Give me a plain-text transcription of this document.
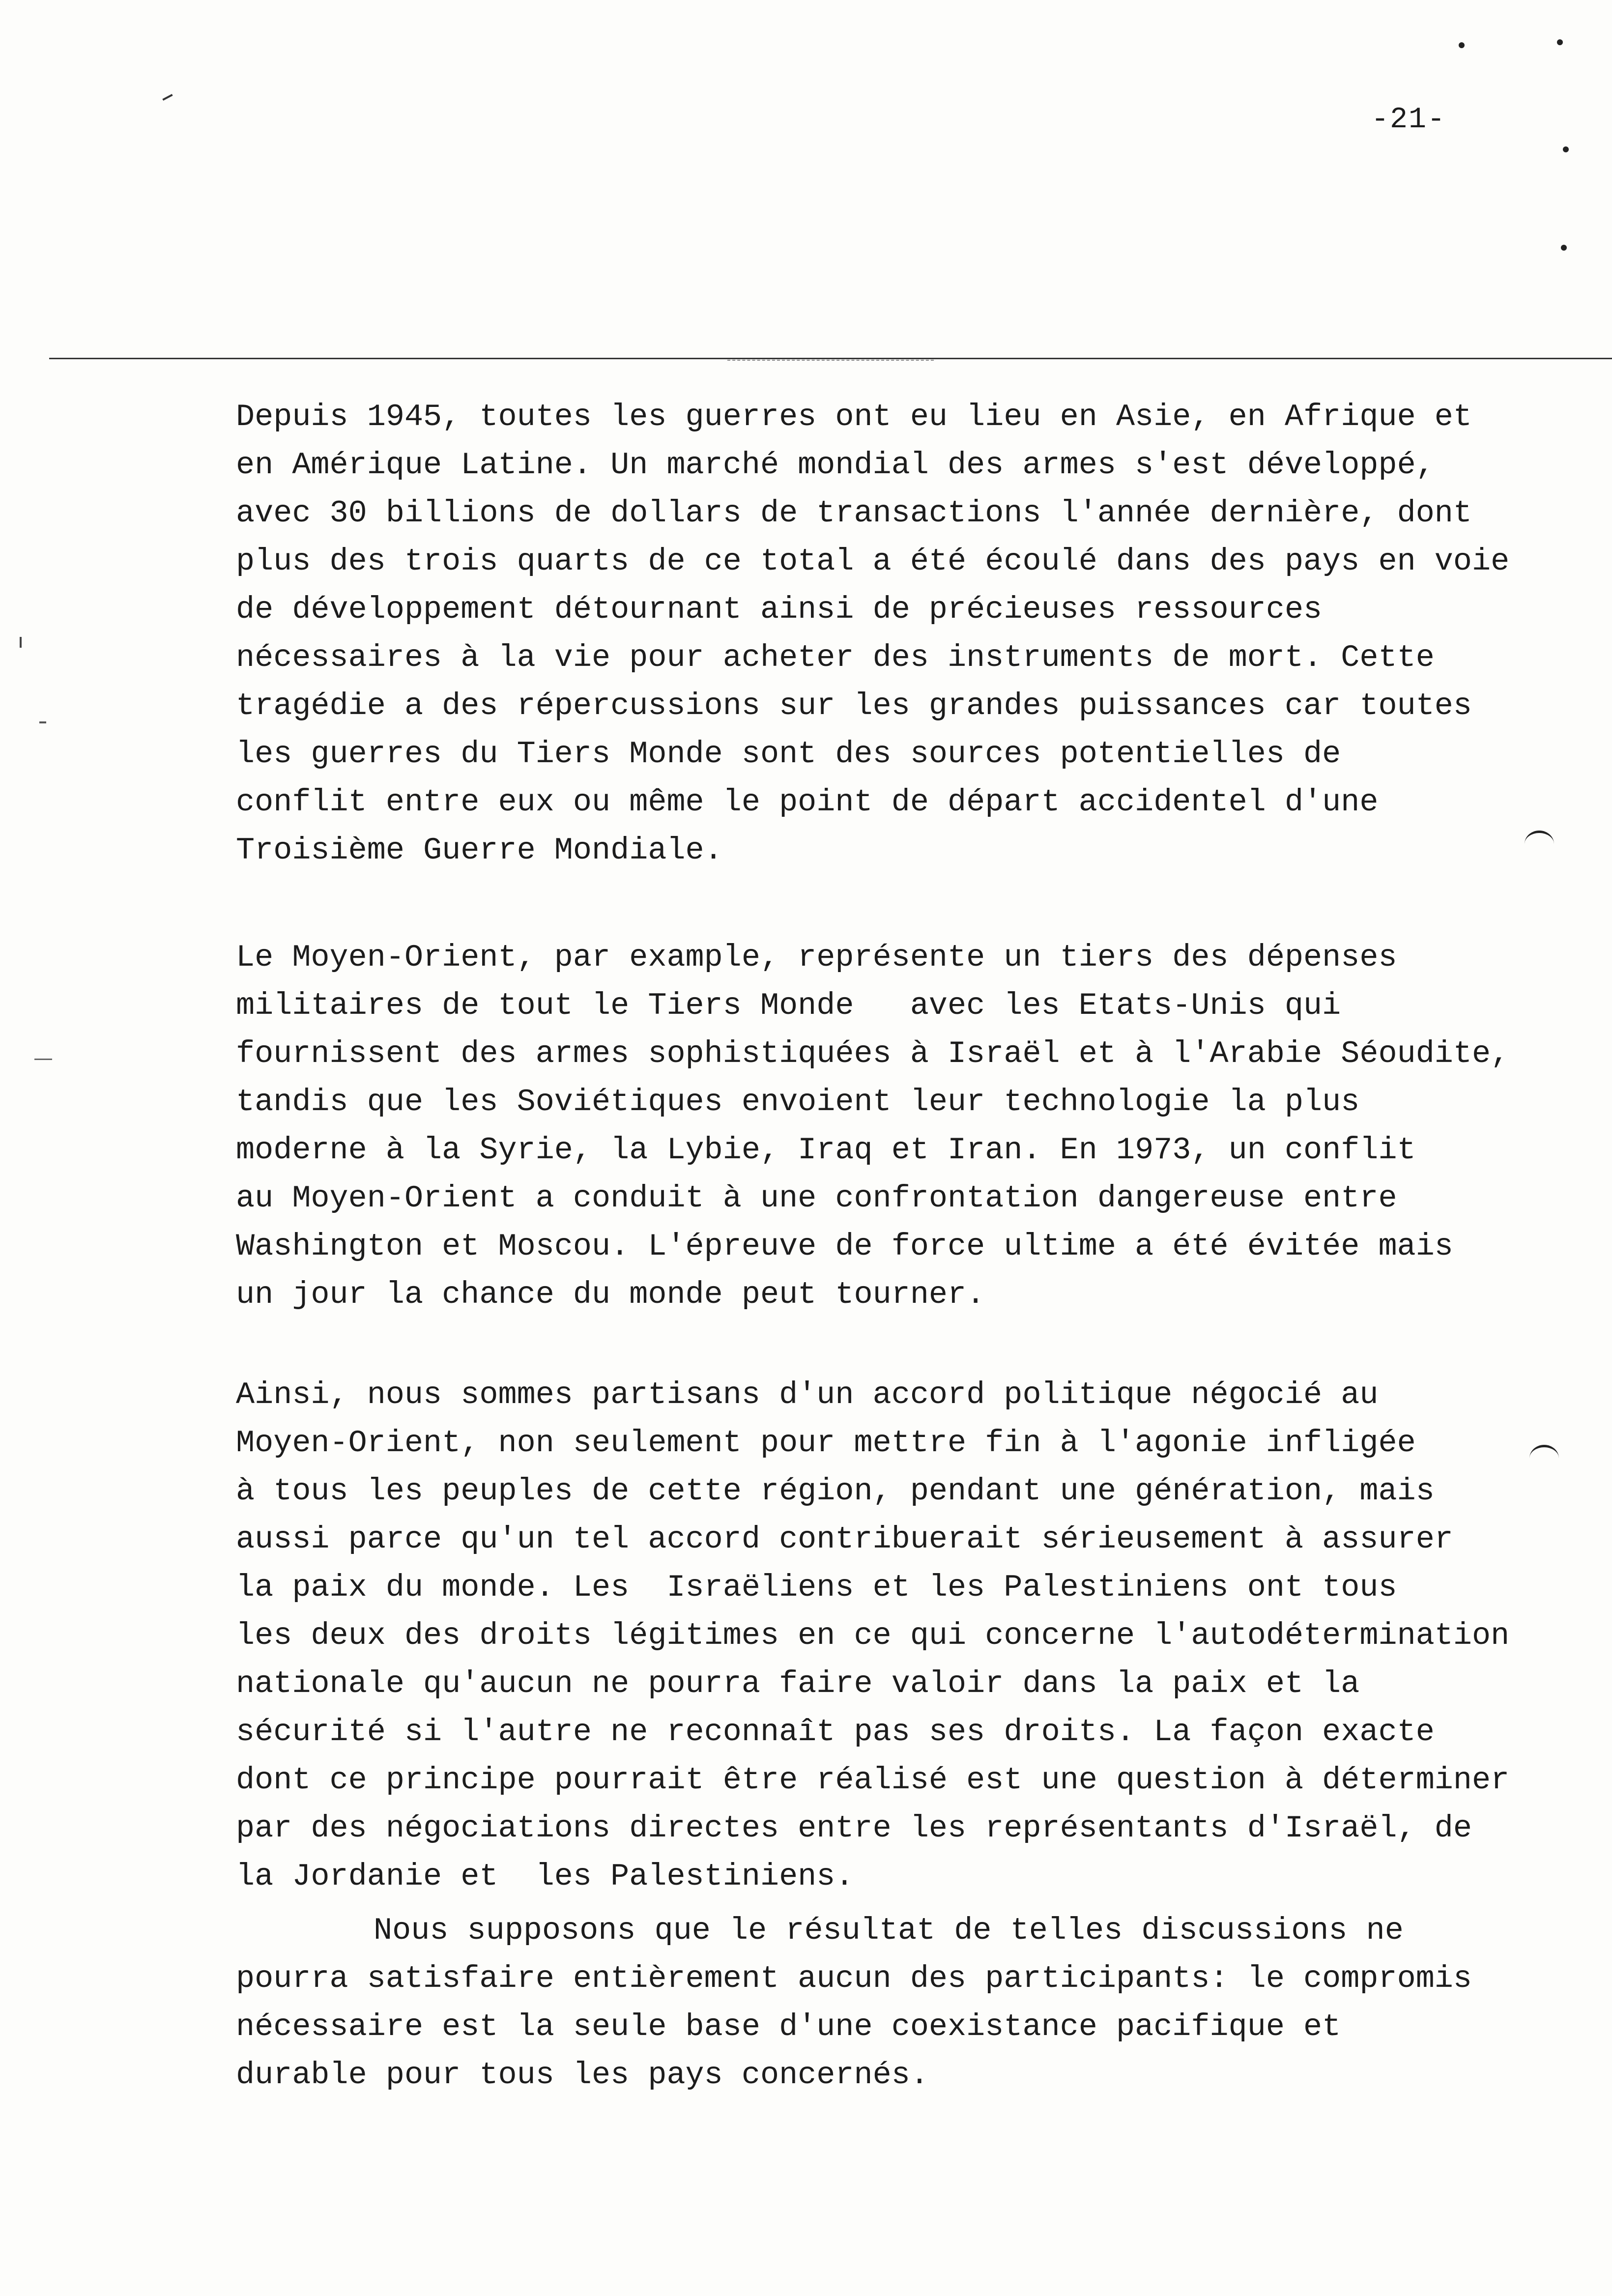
-21-
Depuis 1945, toutes les guerres ont eu lieu en Asie, en Afrique et
en Amérique Latine. Un marché mondial des armes s'est développé,
avec 30 billions de dollars de transactions l'année dernière, dont
plus des trois quarts de ce total a été écoulé dans des pays en voie
de développement détournant ainsi de précieuses ressources
nécessaires à la vie pour acheter des instruments de mort. Cette
tragédie a des répercussions sur les grandes puissances car toutes
les guerres du Tiers Monde sont des sources potentielles de
conflit entre eux ou même le point de départ accidentel d'une
Troisième Guerre Mondiale.
Le Moyen-Orient, par example, représente un tiers des dépenses
militaires de tout le Tiers Monde   avec les Etats-Unis qui
fournissent des armes sophistiquées à Israël et à l'Arabie Séoudite,
tandis que les Soviétiques envoient leur technologie la plus
moderne à la Syrie, la Lybie, Iraq et Iran. En 1973, un conflit
au Moyen-Orient a conduit à une confrontation dangereuse entre
Washington et Moscou. L'épreuve de force ultime a été évitée mais
un jour la chance du monde peut tourner.
Ainsi, nous sommes partisans d'un accord politique négocié au
Moyen-Orient, non seulement pour mettre fin à l'agonie infligée
à tous les peuples de cette région, pendant une génération, mais
aussi parce qu'un tel accord contribuerait sérieusement à assurer
la paix du monde. Les  Israëliens et les Palestiniens ont tous
les deux des droits légitimes en ce qui concerne l'autodétermination
nationale qu'aucun ne pourra faire valoir dans la paix et la
sécurité si l'autre ne reconnaît pas ses droits. La façon exacte
dont ce principe pourrait être réalisé est une question à déterminer
par des négociations directes entre les représentants d'Israël, de
la Jordanie et  les Palestiniens.
Nous supposons que le résultat de telles discussions ne
pourra satisfaire entièrement aucun des participants: le compromis
nécessaire est la seule base d'une coexistance pacifique et
durable pour tous les pays concernés.
